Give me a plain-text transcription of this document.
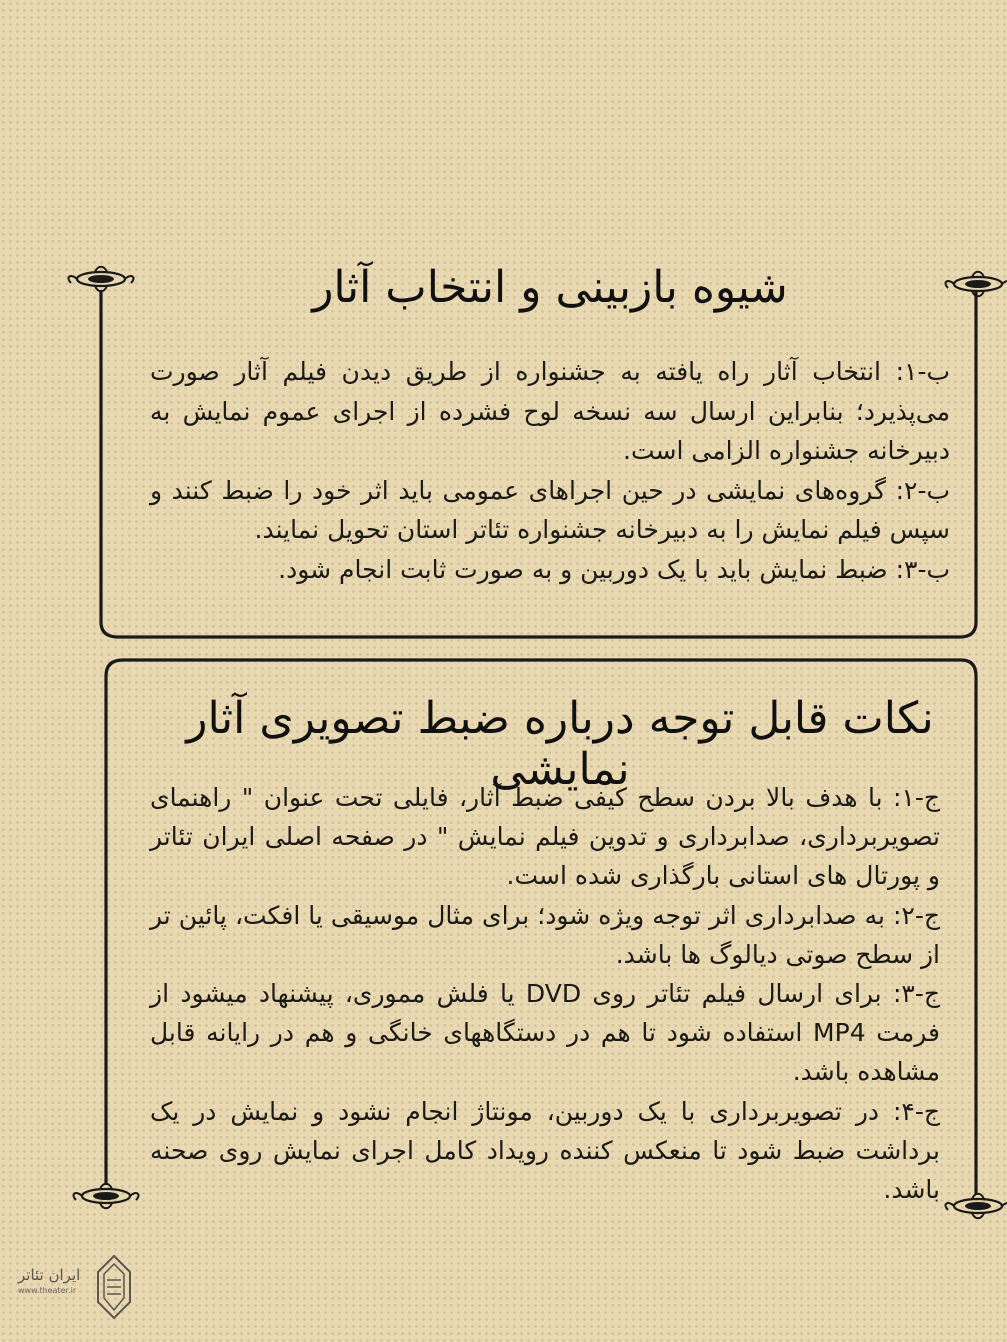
شیوه بازبینی و انتخاب آثار

ب-۱: انتخاب آثار راه یافته به جشنواره از طریق دیدن فیلم آثار صورت می‌پذیرد؛ بنابراین ارسال سه نسخه لوح فشرده از اجرای عموم نمایش به دبیرخانه جشنواره الزامی است.

ب-۲: گروه‌های نمایشی در حین اجراهای عمومی باید اثر خود را ضبط کنند و سپس فیلم نمایش را به دبیرخانه جشنواره تئاتر استان تحویل نمایند.

ب-۳: ضبط نمایش باید با یک دوربین و به صورت ثابت انجام شود.

نکات قابل توجه درباره ضبط تصویری آثار نمایشی

ج-۱: با هدف بالا بردن سطح کیفی ضبط آثار، فایلی تحت عنوان " راهنمای تصویربرداری، صدابرداری و تدوین فیلم نمایش " در صفحه اصلی ایران تئاتر و پورتال های استانی بارگذاری شده است.

ج-۲: به صدابرداری اثر توجه ویژه شود؛ برای مثال موسیقی یا افکت، پائین تر از سطح صوتی دیالوگ ها باشد.

ج-۳: برای ارسال فیلم تئاتر روی DVD یا فلش مموری، پیشنهاد میشود از فرمت MP4 استفاده شود تا هم در دستگاههای خانگی و هم در رایانه قابل مشاهده باشد.

ج-۴: در تصویربرداری با یک دوربین، مونتاژ انجام نشود و نمایش در یک برداشت ضبط شود تا منعکس کننده رویداد کامل اجرای نمایش روی صحنه باشد.

ایران تئاتر
www.theater.ir
